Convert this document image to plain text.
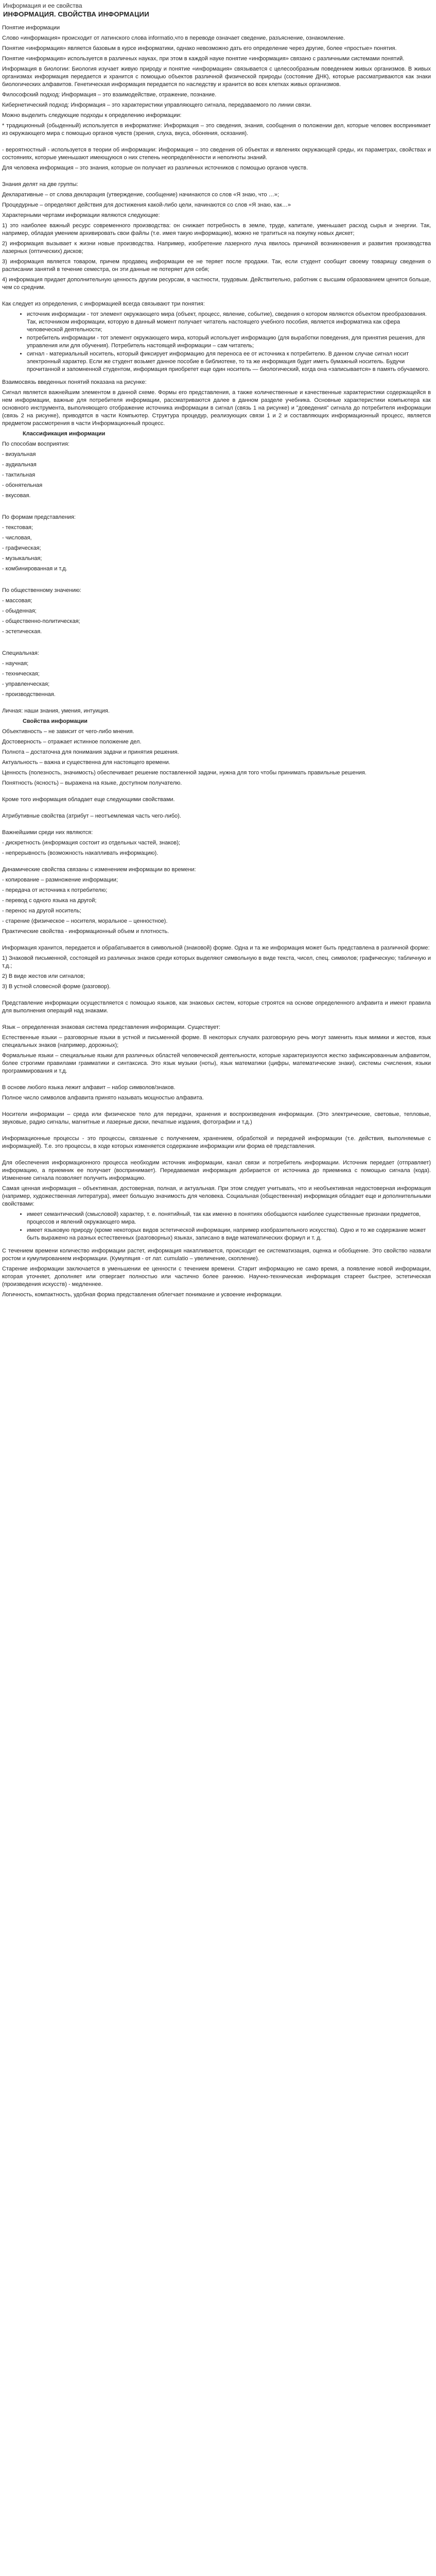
Информация и ее свойства
ИНФОРМАЦИЯ. СВОЙСТВА ИНФОРМАЦИИ

Понятие информации

Слово «информация» происходит от латинского слова informatio,что в переводе означает сведение, разъяснение, ознакомление.

Понятие «информация» является базовым в курсе информатики, однако невозможно дать его определение через другие, более «простые» понятия.

Понятие «информация» используется в различных науках, при этом в каждой науке понятие «информация» связано с различными системами понятий.

Информация в биологии: Биология изучает живую природу и понятие «информация» связывается с целесообразным поведением живых организмов. В живых организмах информация передается и хранится с помощью объектов различной физической природы (состояние ДНК), которые рассматриваются как знаки биологических алфавитов. Генетическая информация передается по наследству и хранится во всех клетках живых организмов.

Философский подход: Информация – это взаимодействие, отражение, познание.

Кибернетический подход: Информация – это характеристики управляющего сигнала, передаваемого по линии связи.

Можно выделить следующие подходы к определению информации:

* традиционный (обыденный) используется в информатике: Информация – это сведения, знания, сообщения о положении дел, которые человек воспринимает из окружающего мира с помощью органов чувств (зрения, слуха, вкуса, обоняния, осязания).

- вероятностный - используется в теории об информации: Информация – это сведения об объектах и явлениях окружающей среды, их параметрах, свойствах и состояниях, которые уменьшают имеющуюся о них степень неопределённости и неполноты знаний.

Для человека информация – это знания, которые он получает из различных источников с помощью органов чувств.

Знания делят на две группы:

Декларативные – от слова декларация (утверждение, сообщение) начинаются со слов «Я знаю, что …»;

Процедурные – определяют действия для достижения какой-либо цели, начинаются со слов «Я знаю, как…»

Характерными чертами информации являются следующие:

1) это наиболее важный ресурс современного производства: он снижает потребность в земле, труде, капитале, уменьшает расход сырья и энергии. Так, например, обладая умением архивировать свои файлы (т.е. имея такую информацию), можно не тратиться на покупку новых дискет;

2) информация вызывает к жизни новые производства. Например, изобретение лазерного луча явилось причиной возникновения и развития производства лазерных (оптических) дисков;

3) информация является товаром, причем продавец информации ее не теряет после продажи. Так, если студент сообщит своему товарищу сведения о расписании занятий в течение семестра, он эти данные не потеряет для себя;

4) информация придает дополнительную ценность другим ресурсам, в частности, трудовым. Действительно, работник с высшим образованием ценится больше, чем со средним.

Как следует из определения, с информацией всегда связывают три понятия:

• источник информации - тот элемент окружающего мира (объект, процесс, явление, событие), сведения о котором являются объектом преобразования. Так, источником информации, которую в данный момент получает читатель настоящего учебного пособия, является информатика как сфера человеческой деятельности;
• потребитель информации - тот элемент окружающего мира, который использует информацию (для выработки поведения, для принятия решения, для управления или для обучения). Потребитель настоящей информации – сам читатель;
• сигнал - материальный носитель, который фиксирует информацию для переноса ее от источника к потребителю. В данном случае сигнал носит электронный характер. Если же студент возьмет данное пособие в библиотеке, то та же информация будет иметь бумажный носитель. Будучи прочитанной и запомненной студентом, информация приобретет еще один носитель — биологический, когда она «записывается» в память обучаемого.

Взаимосвязь введенных понятий показана на рисунке:

Сигнал является важнейшим элементом в данной схеме. Формы его представления, а также количественные и качественные характеристики содержащейся в нем информации, важные для потребителя информации, рассматриваются далее в данном разделе учебника. Основные характеристики компьютера как основного инструмента, выполняющего отображение источника информации в сигнал (связь 1 на рисунке) и "доведения" сигнала до потребителя информации (связь 2 на рисунке), приводятся в части Компьютер. Структура процедур, реализующих связи 1 и 2 и составляющих информационный процесс, является предметом рассмотрения в части Информационный процесс.

Классификация информации

По способам восприятия:

- визуальная

- аудиальная

- тактильная

- обонятельная

- вкусовая.

По формам представления:

- текстовая;

- числовая,

- графическая;

- музыкальная;

- комбинированная и т.д.

По общественному значению:

- массовая;

- обыденная;

- общественно-политическая;

- эстетическая.

Специальная:

- научная;

- техническая;

- управленческая;

- производственная.

Личная: наши знания, умения, интуиция.

Свойства информации

Объективность – не зависит от чего-либо мнения.

Достоверность – отражает истинное положение дел.

Полнота – достаточна для понимания задачи и принятия решения.

Актуальность – важна и существенна для настоящего времени.

Ценность (полезность, значимость) обеспечивает решение поставленной задачи, нужна для того чтобы принимать правильные решения.

Понятность (ясность) – выражена на языке, доступном получателю.

Кроме того информация обладает еще следующими свойствами.

Атрибутивные свойства (атрибут – неотъемлемая часть чего-либо).

Важнейшими среди них являются:

- дискретность (информация состоит из отдельных частей, знаков);

- непрерывность (возможность накапливать информацию).

Динамические свойства связаны с изменением информации во времени:

- копирование – размножение информации;

- передача от источника к потребителю;

- перевод с одного языка на другой;

- перенос на другой носитель;

- старение (физическое – носителя, моральное – ценностное).

Практические свойства - информационный объем и плотность.

Информация хранится, передается и обрабатывается в символьной (знаковой) форме. Одна и та же информация может быть представлена в различной форме:

1) Знаковой письменной, состоящей из различных знаков среди которых выделяют символьную в виде текста, чисел, спец. символов; графическую; табличную и т.д.;

2) В виде жестов или сигналов;

3) В устной словесной форме (разговор).

Представление информации осуществляется с помощью языков, как знаковых систем, которые строятся на основе определенного алфавита и имеют правила для выполнения операций над знаками.

Язык – определенная знаковая система представления информации. Существует:

Естественные языки – разговорные языки в устной и письменной форме. В некоторых случаях разговорную речь могут заменить язык мимики и жестов, язык специальных знаков (например, дорожных);

Формальные языки – специальные языки для различных областей человеческой деятельности, которые характеризуются жестко зафиксированным алфавитом, более строгими правилами грамматики и синтаксиса. Это язык музыки (ноты), язык математики (цифры, математические знаки), системы счисления, языки программирования и т.д.

В основе любого языка лежит алфавит – набор символов/знаков.

Полное число символов алфавита принято называть мощностью алфавита.

Носители информации – среда или физическое тело для передачи, хранения и воспроизведения информации. (Это электрические, световые, тепловые, звуковые, радио сигналы, магнитные и лазерные диски, печатные издания, фотографии и т.д.)

Информационные процессы - это процессы, связанные с получением, хранением, обработкой и передачей информации (т.е. действия, выполняемые с информацией). Т.е. это процессы, в ходе которых изменяется содержание информации или форма её представления.

Для обеспечения информационного процесса необходим источник информации, канал связи и потребитель информации. Источник передает (отправляет) информацию, а приемник ее получает (воспринимает). Передаваемая информация добирается от источника до приемника с помощью сигнала (кода). Изменение сигнала позволяет получить информацию.

Самая ценная информация – объективная, достоверная, полная, и актуальная. При этом следует учитывать, что и необъективная недостоверная информация (например, художественная литература), имеет большую значимость для человека. Социальная (общественная) информация обладает еще и дополнительными свойствами:

• имеет семантический (смысловой) характер, т. е. понятийный, так как именно в понятиях обобщаются наиболее существенные признаки предметов, процессов и явлений окружающего мира.
• имеет языковую природу (кроме некоторых видов эстетической информации, например изобразительного искусства). Одно и то же содержание может быть выражено на разных естественных (разговорных) языках, записано в виде математических формул и т. д.

С течением времени количество информации растет, информация накапливается, происходит ее систематизация, оценка и обобщение. Это свойство назвали ростом и кумулированием информации. (Кумуляция - от лат. cumulatio – увеличение, скопление).

Старение информации заключается в уменьшении ее ценности с течением времени. Старит информацию не само время, а появление новой информации, которая уточняет, дополняет или отвергает полностью или частично более раннюю. Научно-техническая информация стареет быстрее, эстетическая (произведения искусств) - медленнее.

Логичность, компактность, удобная форма представления облегчает понимание и усвоение информации.
